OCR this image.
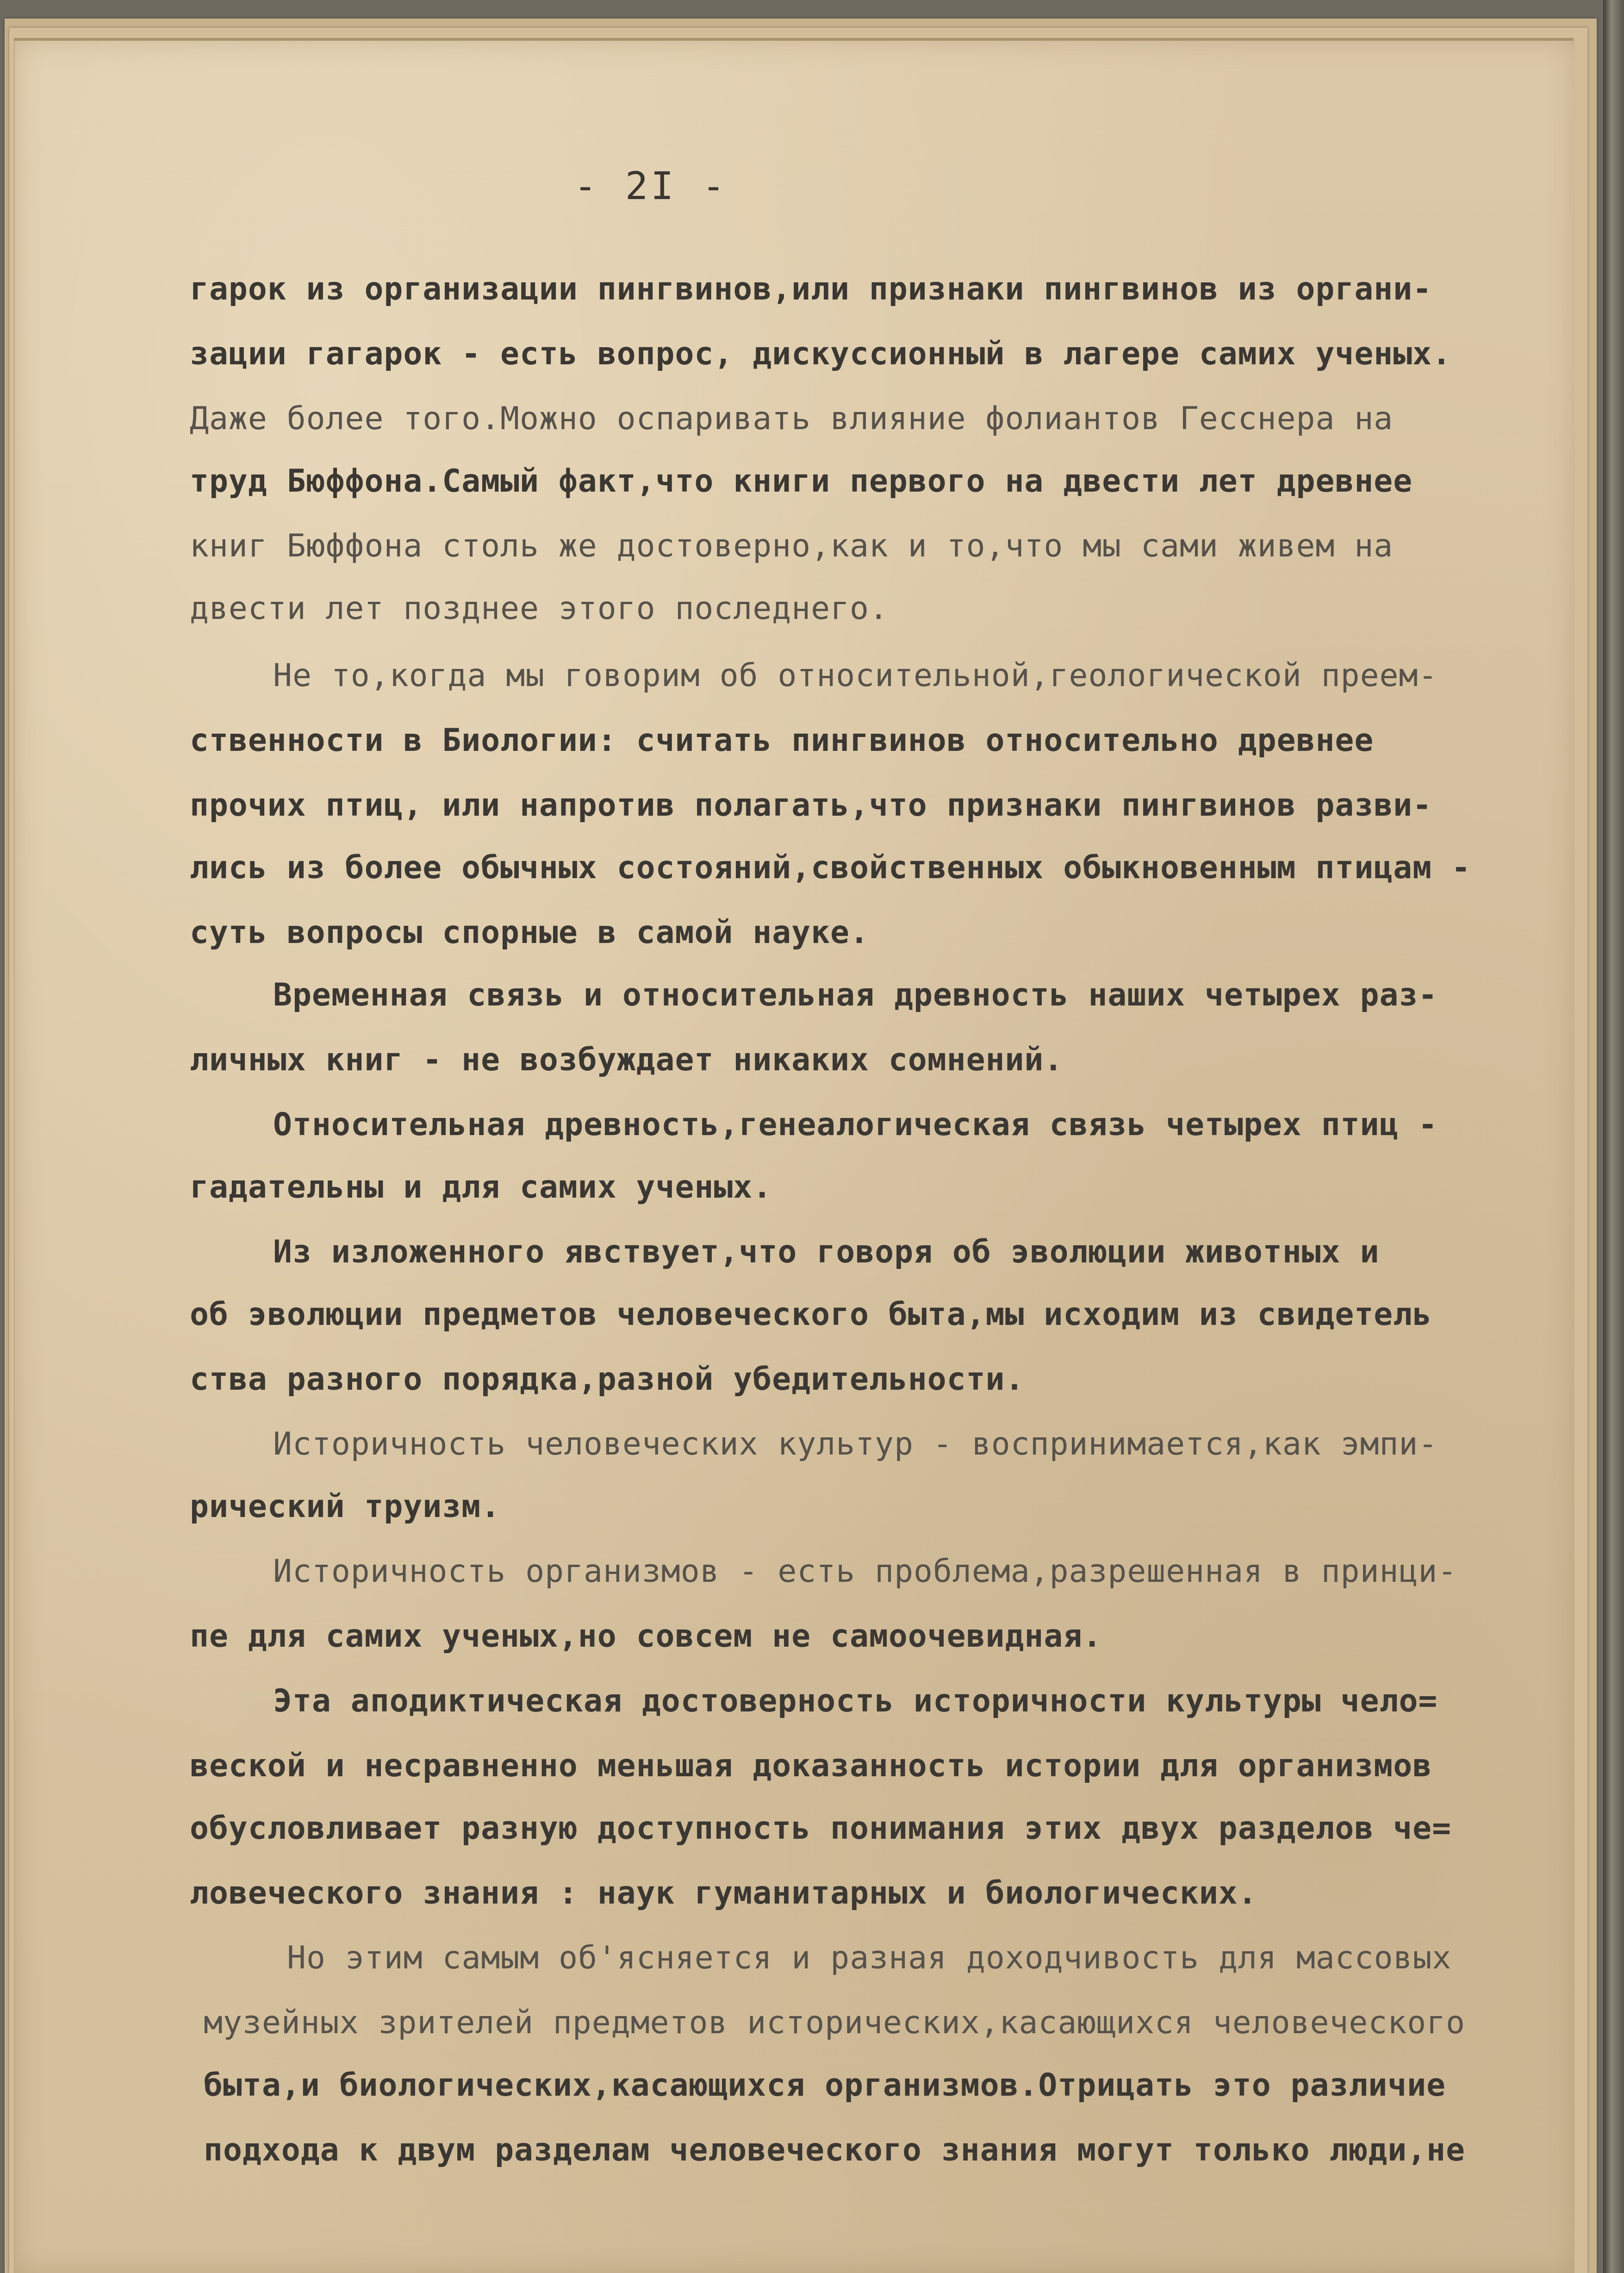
- 2I -
гарок из организации пингвинов,или признаки пингвинов из органи-
зации гагарок - есть вопрос, дискуссионный в лагере самих ученых.
Даже более того.Можно оспаривать влияние фолиантов Гесснера на
труд Бюффона.Самый факт,что книги первого на двести лет древнее
книг Бюффона столь же достоверно,как и то,что мы сами живем на
двести лет позднее этого последнего.
Не то,когда мы говорим об относительной,геологической преем-
ственности в Биологии: считать пингвинов относительно древнее
прочих птиц, или напротив полагать,что признаки пингвинов разви-
лись из более обычных состояний,свойственных обыкновенным птицам -
суть вопросы спорные в самой науке.
Временная связь и относительная древность наших четырех раз-
личных книг - не возбуждает никаких сомнений.
Относительная древность,генеалогическая связь четырех птиц -
гадательны и для самих ученых.
Из изложенного явствует,что говоря об эволюции животных и
об эволюции предметов человеческого быта,мы исходим из свидетель
ства разного порядка,разной убедительности.
Историчность человеческих культур - воспринимается,как эмпи-
рический труизм.
Историчность организмов - есть проблема,разрешенная в принци-
пе для самих ученых,но совсем не самоочевидная.
Эта аподиктическая достоверность историчности культуры чело=
веской и несравненно меньшая доказанность истории для организмов
обусловливает разную доступность понимания этих двух разделов че=
ловеческого знания : наук гуманитарных и биологических.
Но этим самым об'ясняется и разная доходчивость для массовых
музейных зрителей предметов исторических,касающихся человеческого
быта,и биологических,касающихся организмов.Отрицать это различие
подхода к двум разделам человеческого знания могут только люди,не
